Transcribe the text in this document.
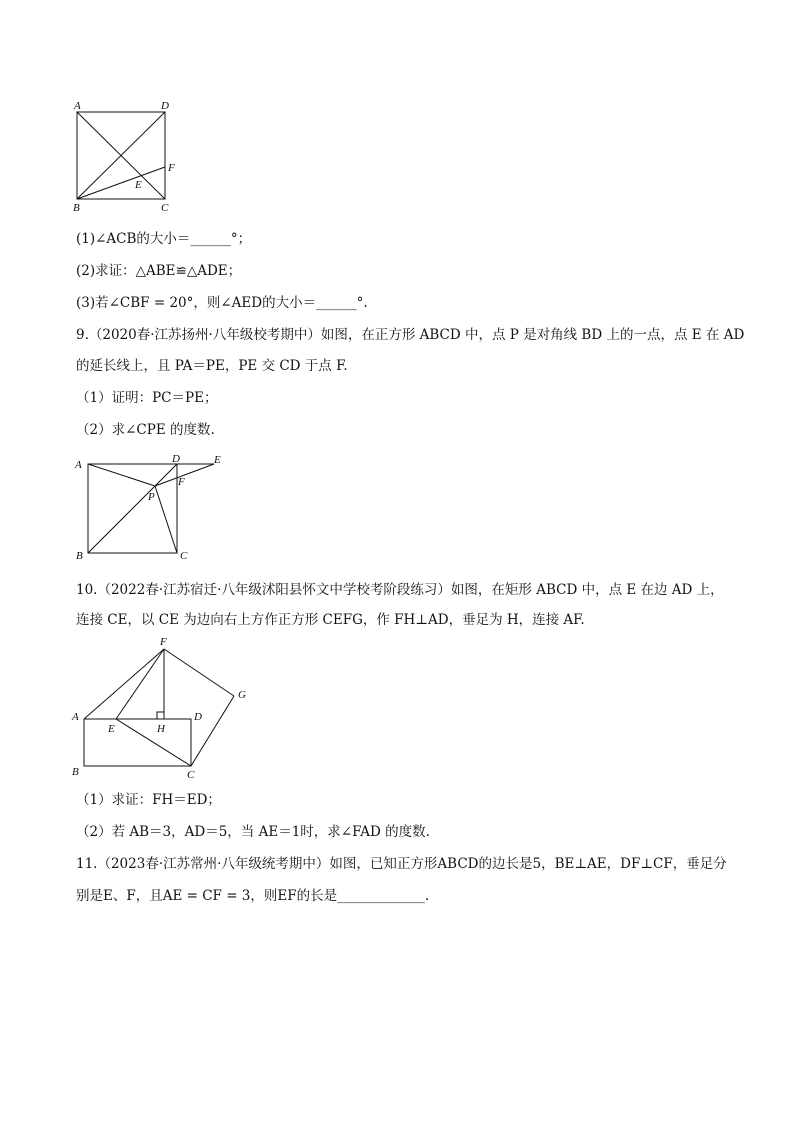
A	D
F
E
B	C
(1)∠ACB的大小＝______°；
(2)求证：△ABE≌△ADE；
(3)若∠CBF = 20°，则∠AED的大小＝______°.
9.（2020春·江苏扬州·八年级校考期中）如图，在正方形 ABCD 中，点 P 是对角线 BD 上的一点，点 E 在 AD
的延长线上，且 PA＝PE，PE 交 CD 于点 F.
（1）证明：PC＝PE；
（2）求∠CPE 的度数.
A	D	E
F
P
B	C
10.（2022春·江苏宿迁·八年级沭阳县怀文中学校考阶段练习）如图，在矩形 ABCD 中，点 E 在边 AD 上，
连接 CE，以 CE 为边向右上方作正方形 CEFG，作 FH⊥AD，垂足为 H，连接 AF.
F
G
A
E	H
D
B	C
（1）求证：FH＝ED；
（2）若 AB＝3，AD＝5，当 AE＝1时，求∠FAD 的度数.
11.（2023春·江苏常州·八年级统考期中）如图，已知正方形ABCD的边长是5，BE⊥AE，DF⊥CF，垂足分
别是E、F，且AE = CF = 3，则EF的长是_____________.
